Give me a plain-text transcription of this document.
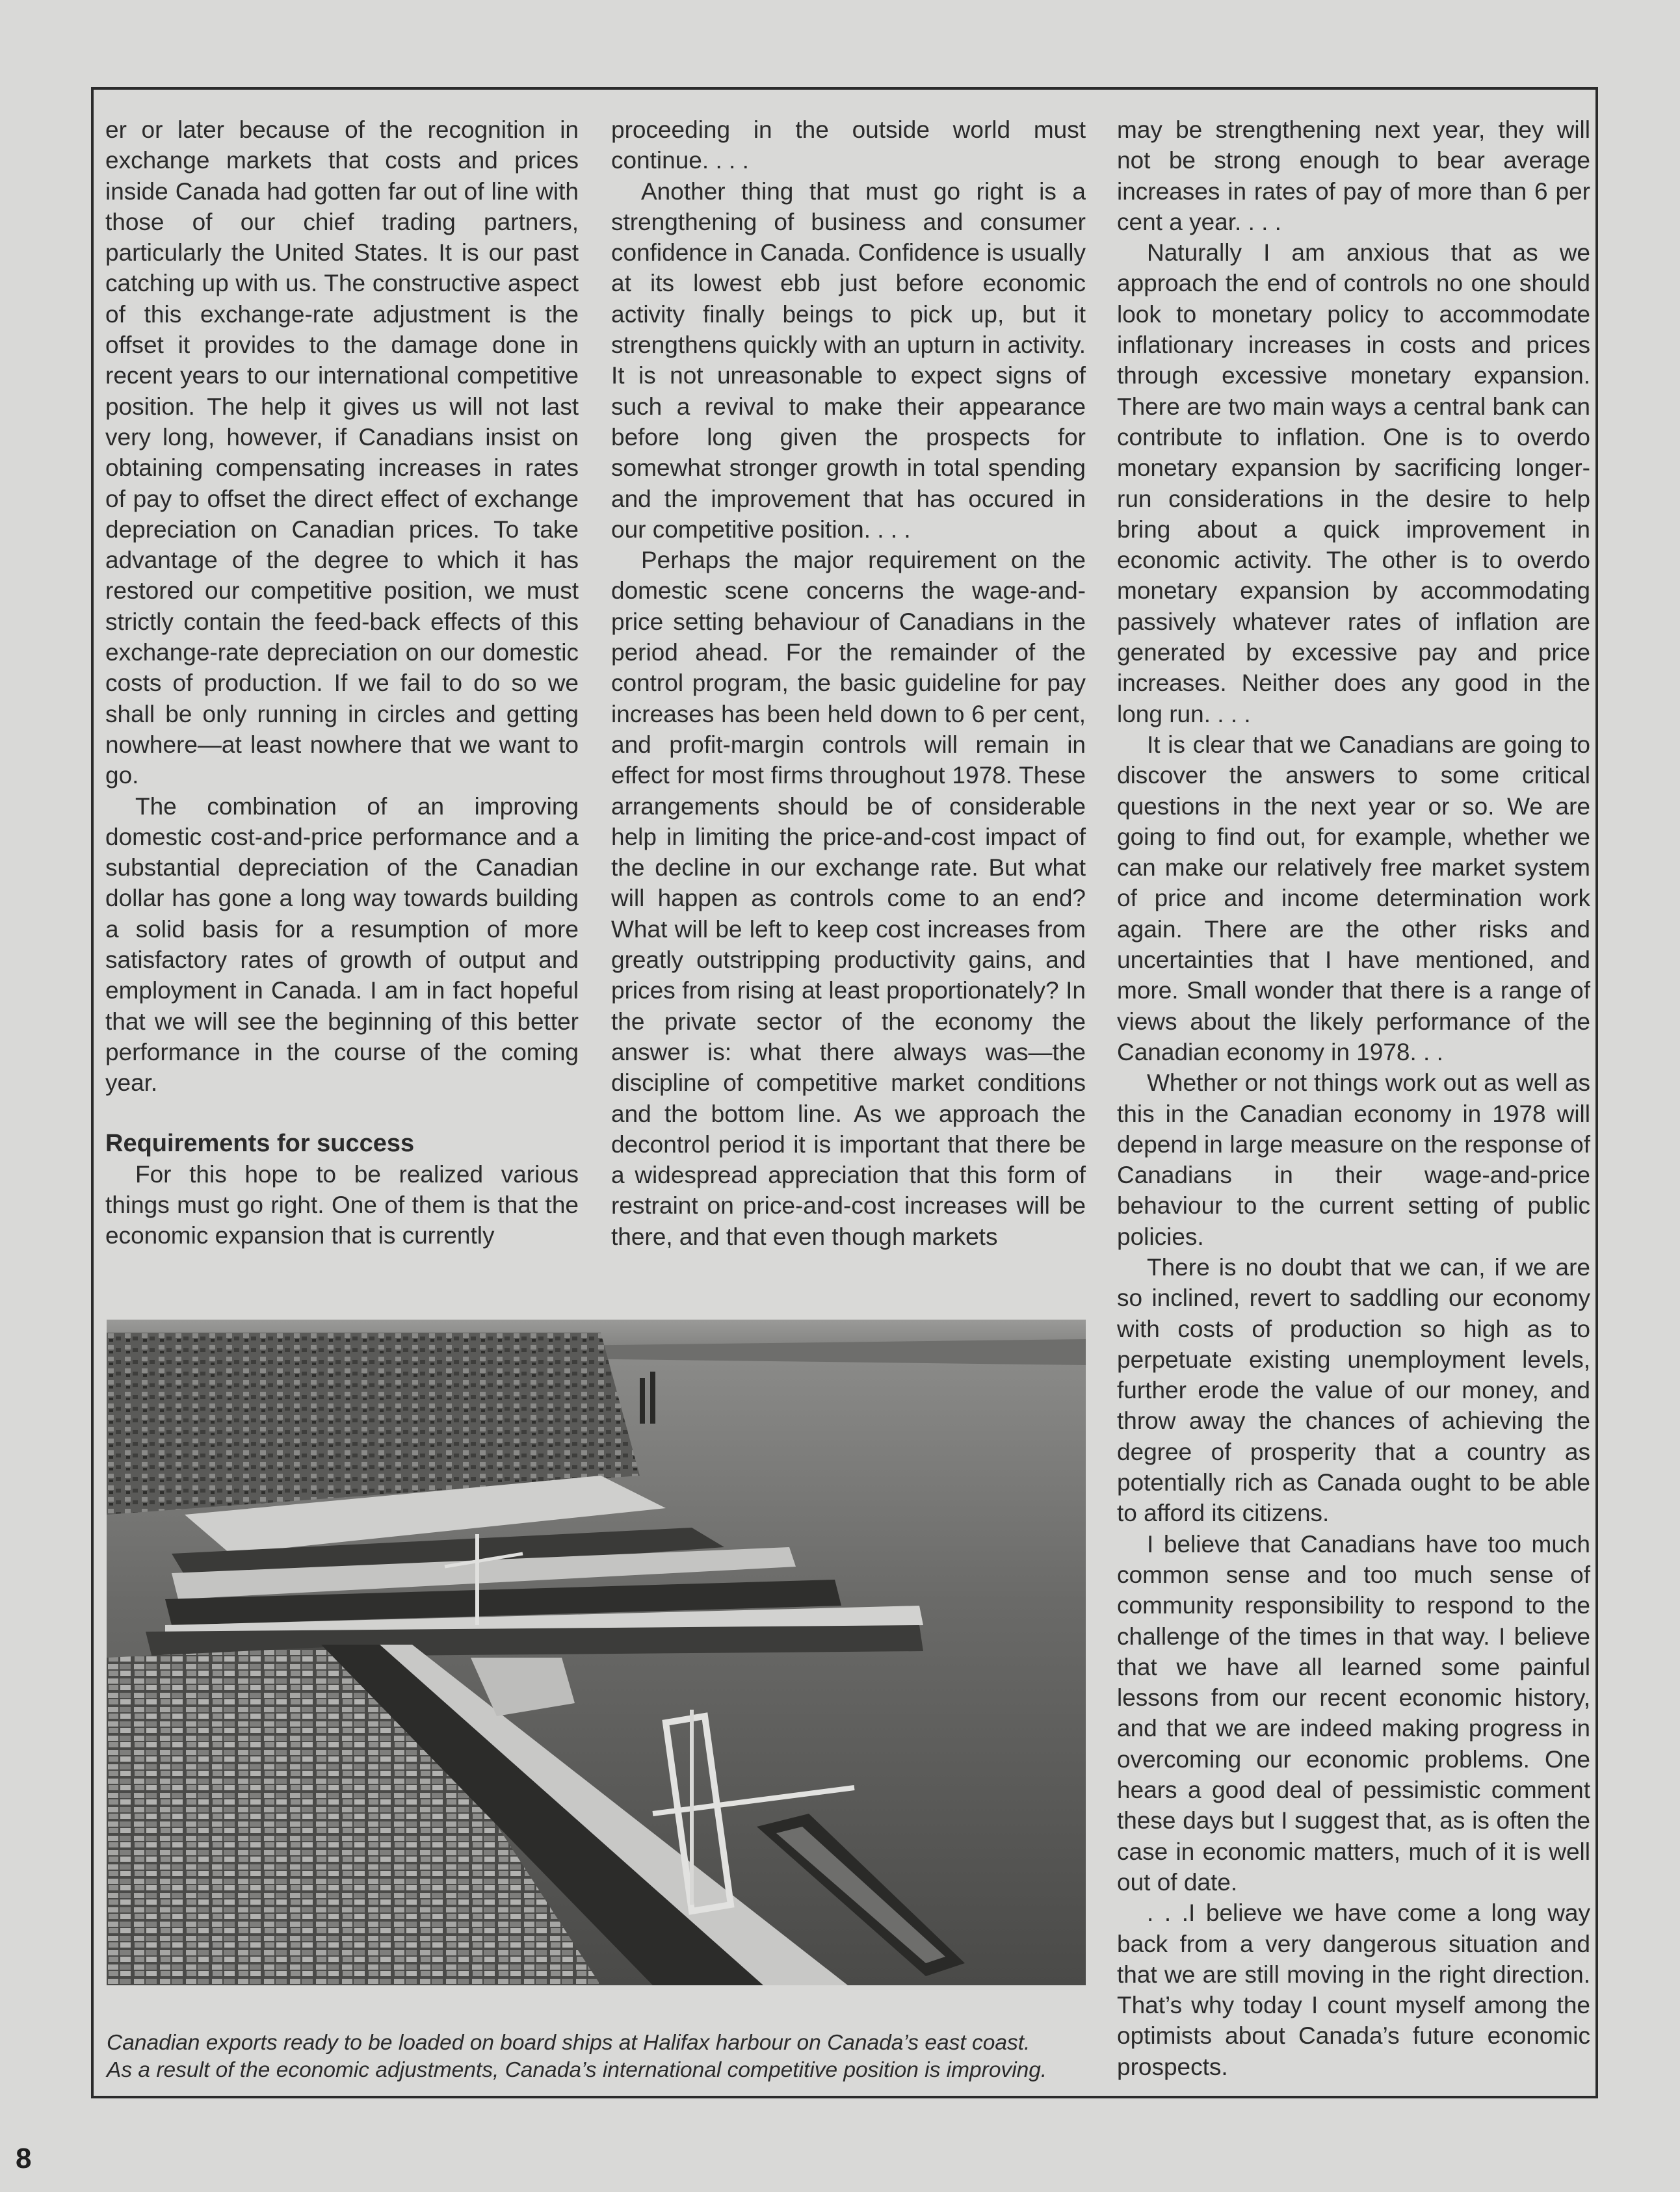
er or later because of the recognition in exchange markets that costs and prices inside Canada had gotten far out of line with those of our chief trading partners, particularly the United States. It is our past catching up with us. The constructive aspect of this exchange-rate adjustment is the offset it provides to the damage done in recent years to our international competitive position. The help it gives us will not last very long, however, if Canadians insist on obtaining compensating increases in rates of pay to offset the direct effect of exchange depreciation on Canadian prices. To take advantage of the degree to which it has restored our competitive position, we must strictly contain the feed-back effects of this exchange-rate depreciation on our domestic costs of production. If we fail to do so we shall be only running in circles and getting nowhere—at least nowhere that we want to go.

The combination of an improving domestic cost-and-price performance and a substantial depreciation of the Canadian dollar has gone a long way towards building a solid basis for a resumption of more satisfactory rates of growth of output and employment in Canada. I am in fact hopeful that we will see the beginning of this better performance in the course of the coming year.

Requirements for success

For this hope to be realized various things must go right. One of them is that the economic expansion that is currently

proceeding in the outside world must continue. . . .

Another thing that must go right is a strengthening of business and consumer confidence in Canada. Confidence is usually at its lowest ebb just before economic activity finally beings to pick up, but it strengthens quickly with an upturn in activity. It is not unreasonable to expect signs of such a revival to make their appearance before long given the prospects for somewhat stronger growth in total spending and the improvement that has occured in our competitive position. . . .

Perhaps the major requirement on the domestic scene concerns the wage-and-price setting behaviour of Canadians in the period ahead. For the remainder of the control program, the basic guideline for pay increases has been held down to 6 per cent, and profit-margin controls will remain in effect for most firms throughout 1978. These arrangements should be of considerable help in limiting the price-and-cost impact of the decline in our exchange rate. But what will happen as controls come to an end? What will be left to keep cost increases from greatly outstripping productivity gains, and prices from rising at least proportionately? In the private sector of the economy the answer is: what there always was—the discipline of competitive market conditions and the bottom line. As we approach the decontrol period it is important that there be a widespread appreciation that this form of restraint on price-and-cost increases will be there, and that even though markets

may be strengthening next year, they will not be strong enough to bear average increases in rates of pay of more than 6 per cent a year. . . .

Naturally I am anxious that as we approach the end of controls no one should look to monetary policy to accommodate inflationary increases in costs and prices through excessive monetary expansion. There are two main ways a central bank can contribute to inflation. One is to overdo monetary expansion by sacrificing longer-run considerations in the desire to help bring about a quick improvement in economic activity. The other is to overdo monetary expansion by accommodating passively whatever rates of inflation are generated by excessive pay and price increases. Neither does any good in the long run. . . .

It is clear that we Canadians are going to discover the answers to some critical questions in the next year or so. We are going to find out, for example, whether we can make our relatively free market system of price and income determination work again. There are the other risks and uncertainties that I have mentioned, and more. Small wonder that there is a range of views about the likely performance of the Canadian economy in 1978. . .

Whether or not things work out as well as this in the Canadian economy in 1978 will depend in large measure on the response of Canadians in their wage-and-price behaviour to the current setting of public policies.

There is no doubt that we can, if we are so inclined, revert to saddling our economy with costs of production so high as to perpetuate existing unemployment levels, further erode the value of our money, and throw away the chances of achieving the degree of prosperity that a country as potentially rich as Canada ought to be able to afford its citizens.

I believe that Canadians have too much common sense and too much sense of community responsibility to respond to the challenge of the times in that way. I believe that we have all learned some painful lessons from our recent economic history, and that we are indeed making progress in overcoming our economic problems. One hears a good deal of pessimistic comment these days but I suggest that, as is often the case in economic matters, much of it is well out of date.

. . .I believe we have come a long way back from a very dangerous situation and that we are still moving in the right direction. That’s why today I count myself among the optimists about Canada’s future economic prospects.

Canadian exports ready to be loaded on board ships at Halifax harbour on Canada’s east coast.
As a result of the economic adjustments, Canada’s international competitive position is improving.
8
